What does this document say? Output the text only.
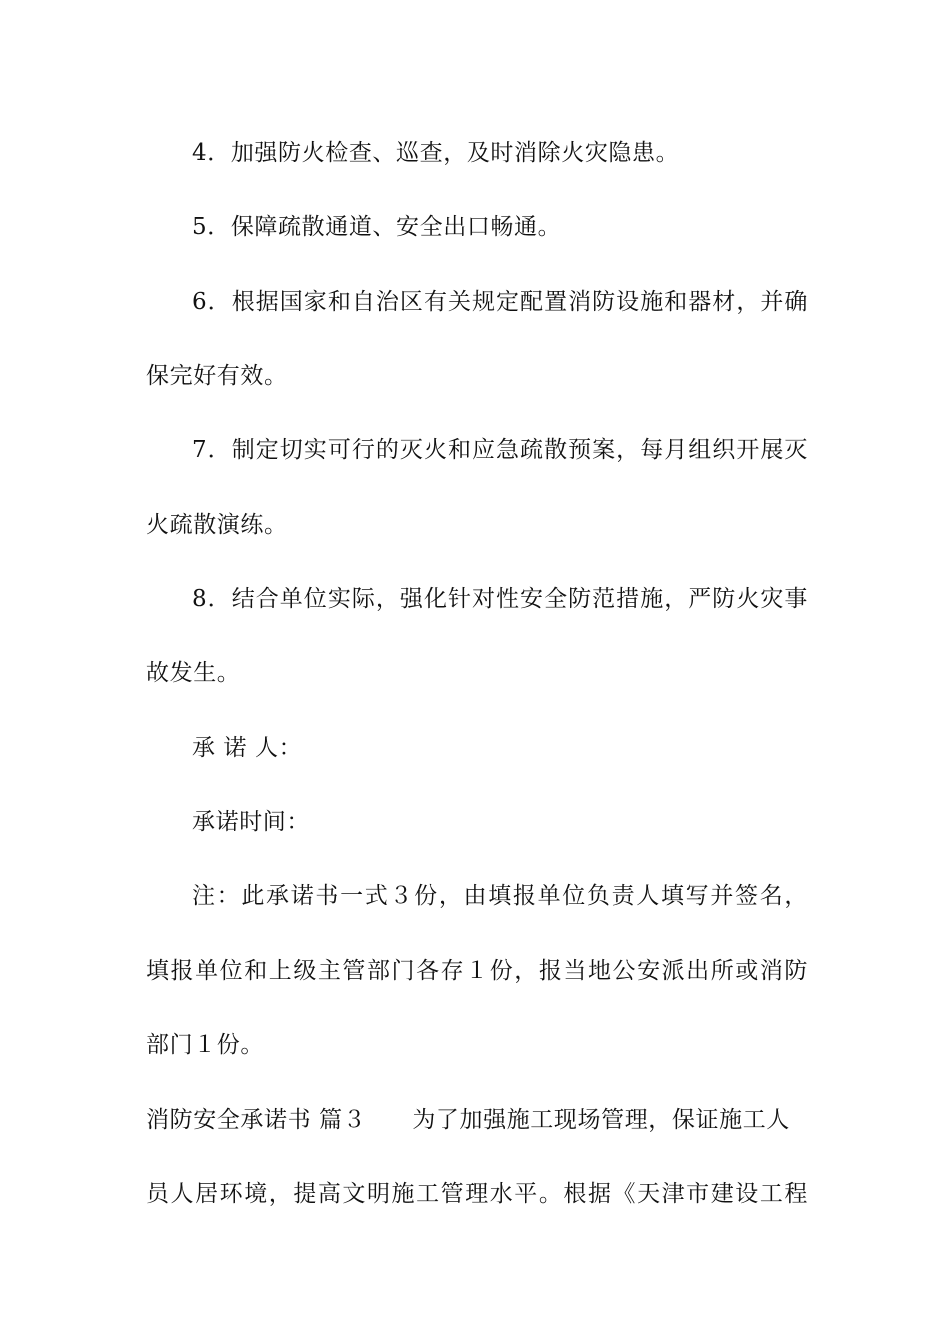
4．加强防火检查、巡查，及时消除火灾隐患。
5．保障疏散通道、安全出口畅通。
6．根据国家和自治区有关规定配置消防设施和器材，并确
保完好有效。
7．制定切实可行的灭火和应急疏散预案，每月组织开展灭
火疏散演练。
8．结合单位实际，强化针对性安全防范措施，严防火灾事
故发生。
承 诺 人：
承诺时间：
注：此承诺书一式３份，由填报单位负责人填写并签名，
填报单位和上级主管部门各存１份，报当地公安派出所或消防
部门１份。
消防安全承诺书 篇３ 为了加强施工现场管理，保证施工人
员人居环境，提高文明施工管理水平。根据《天津市建设工程
